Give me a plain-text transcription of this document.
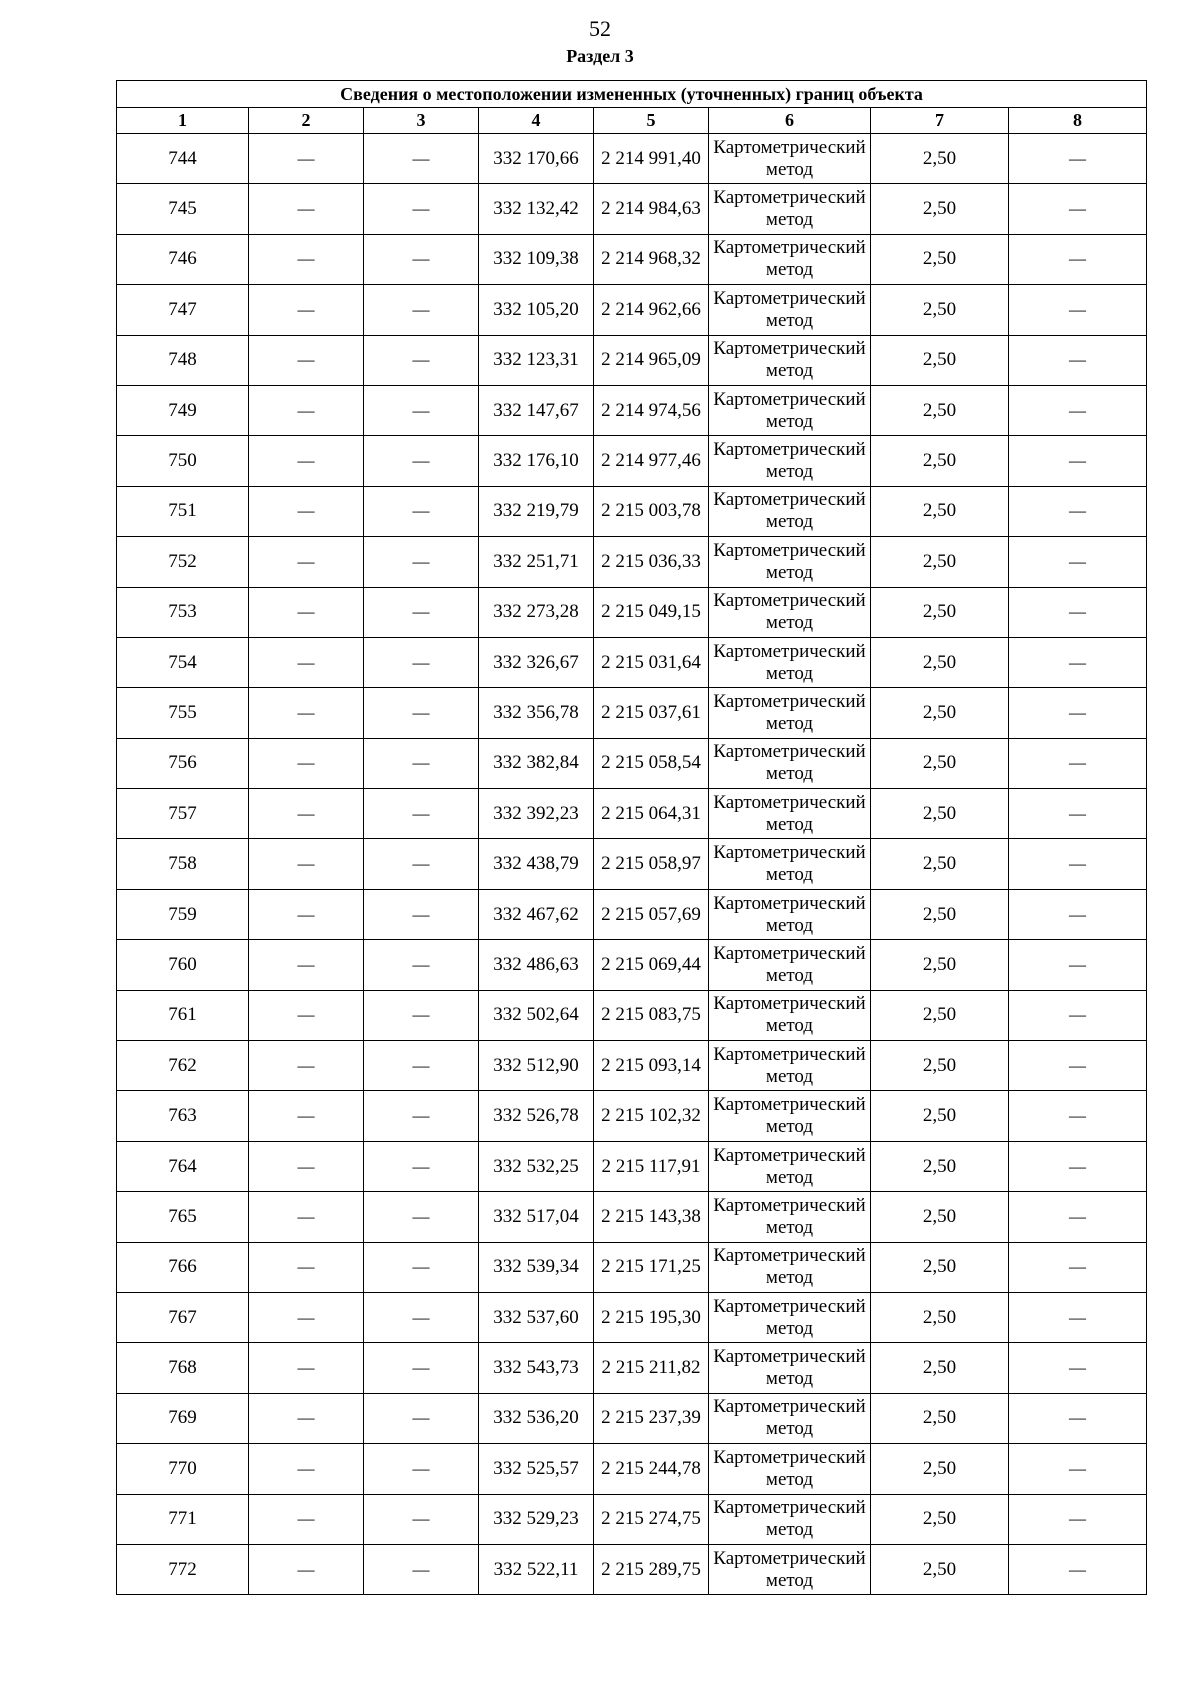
52
Раздел 3
Сведения о местоположении измененных (уточненных) границ объекта							
1	2	3	4	5	6	7	8
744	—	—	332 170,66	2 214 991,40	Картометрический метод	2,50	—
745	—	—	332 132,42	2 214 984,63	Картометрический метод	2,50	—
746	—	—	332 109,38	2 214 968,32	Картометрический метод	2,50	—
747	—	—	332 105,20	2 214 962,66	Картометрический метод	2,50	—
748	—	—	332 123,31	2 214 965,09	Картометрический метод	2,50	—
749	—	—	332 147,67	2 214 974,56	Картометрический метод	2,50	—
750	—	—	332 176,10	2 214 977,46	Картометрический метод	2,50	—
751	—	—	332 219,79	2 215 003,78	Картометрический метод	2,50	—
752	—	—	332 251,71	2 215 036,33	Картометрический метод	2,50	—
753	—	—	332 273,28	2 215 049,15	Картометрический метод	2,50	—
754	—	—	332 326,67	2 215 031,64	Картометрический метод	2,50	—
755	—	—	332 356,78	2 215 037,61	Картометрический метод	2,50	—
756	—	—	332 382,84	2 215 058,54	Картометрический метод	2,50	—
757	—	—	332 392,23	2 215 064,31	Картометрический метод	2,50	—
758	—	—	332 438,79	2 215 058,97	Картометрический метод	2,50	—
759	—	—	332 467,62	2 215 057,69	Картометрический метод	2,50	—
760	—	—	332 486,63	2 215 069,44	Картометрический метод	2,50	—
761	—	—	332 502,64	2 215 083,75	Картометрический метод	2,50	—
762	—	—	332 512,90	2 215 093,14	Картометрический метод	2,50	—
763	—	—	332 526,78	2 215 102,32	Картометрический метод	2,50	—
764	—	—	332 532,25	2 215 117,91	Картометрический метод	2,50	—
765	—	—	332 517,04	2 215 143,38	Картометрический метод	2,50	—
766	—	—	332 539,34	2 215 171,25	Картометрический метод	2,50	—
767	—	—	332 537,60	2 215 195,30	Картометрический метод	2,50	—
768	—	—	332 543,73	2 215 211,82	Картометрический метод	2,50	—
769	—	—	332 536,20	2 215 237,39	Картометрический метод	2,50	—
770	—	—	332 525,57	2 215 244,78	Картометрический метод	2,50	—
771	—	—	332 529,23	2 215 274,75	Картометрический метод	2,50	—
772	—	—	332 522,11	2 215 289,75	Картометрический метод	2,50	—
